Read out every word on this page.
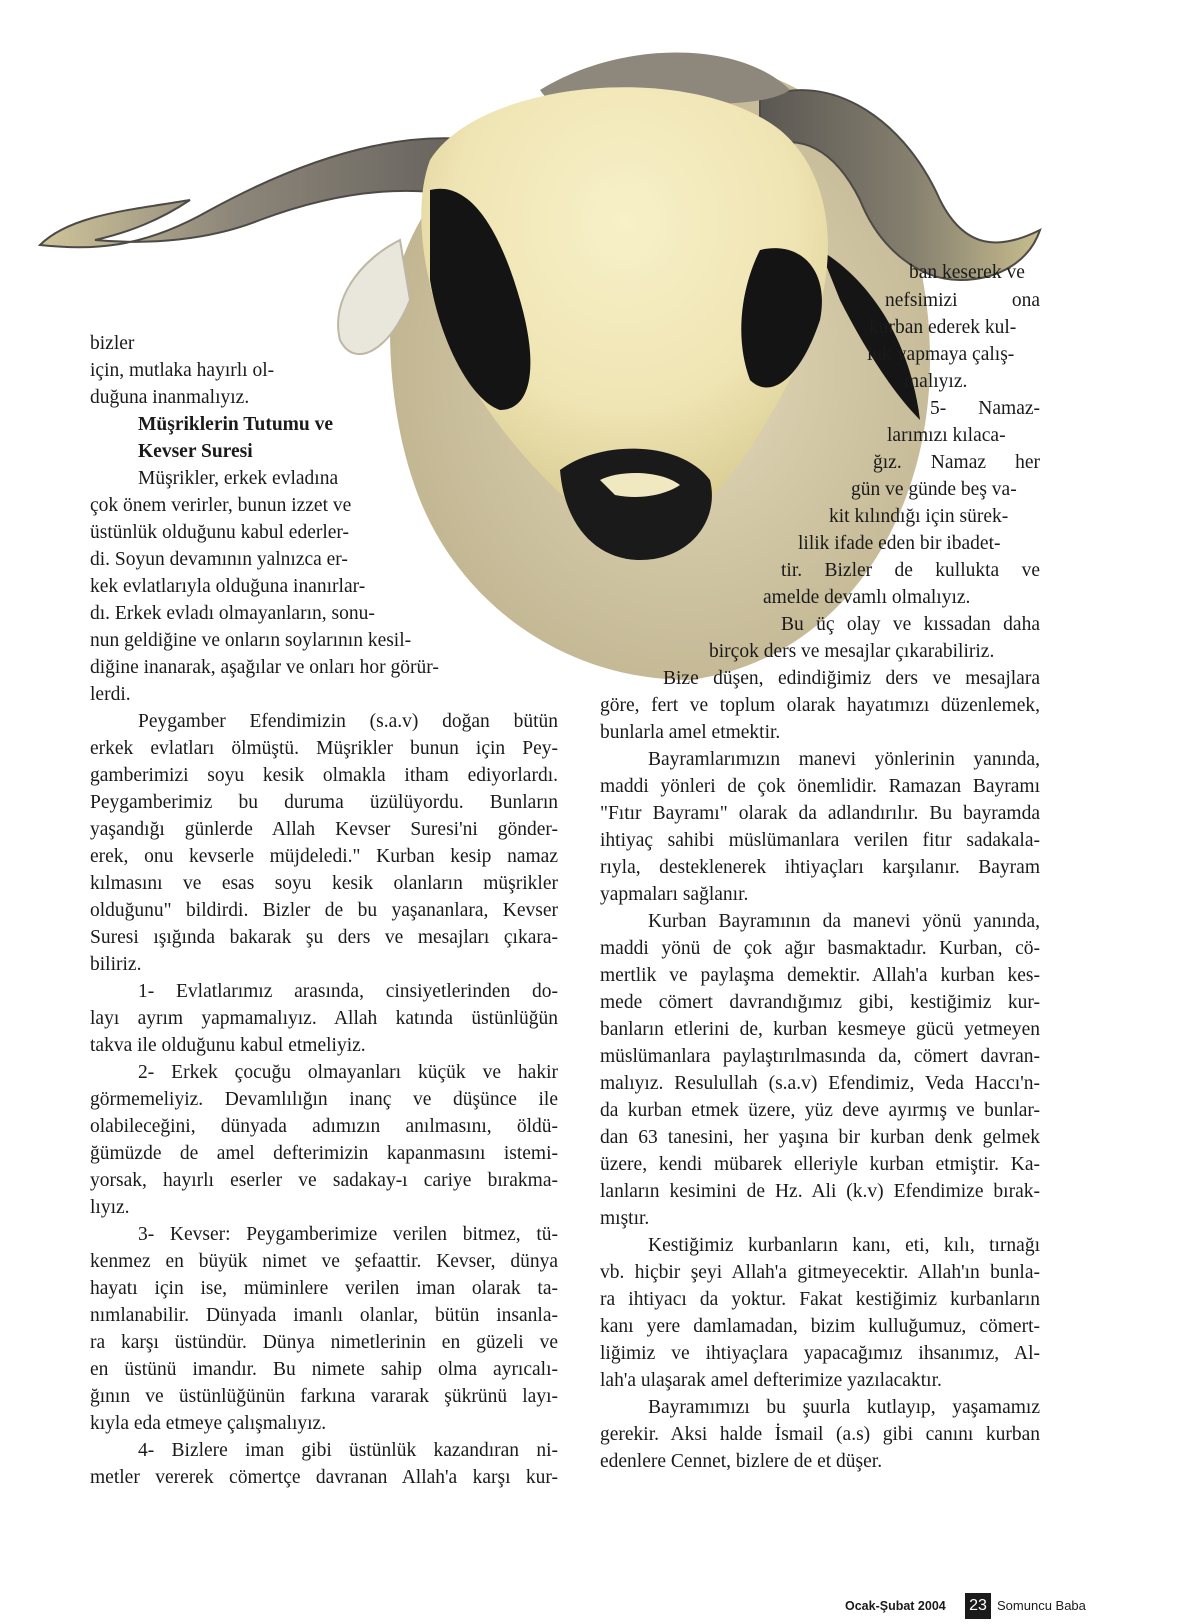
ban keserek ve
nefsimizi ona
kurban ederek kul-
luk yapmaya çalış-
malıyız.
5- Namaz-
larımızı kılaca-
ğız. Namaz her
gün ve günde beş va-
kit kılındığı için sürek-
lilik ifade eden bir ibadet-
tir. Bizler de kullukta ve
amelde devamlı olmalıyız.
Bu üç olay ve kıssadan daha
birçok ders ve mesajlar çıkarabiliriz.
Bize düşen, edindiğimiz ders ve mesajlara
bizler
için, mutlaka hayırlı ol-
duğuna inanmalıyız.
Müşriklerin Tutumu ve
Kevser Suresi
Müşrikler, erkek evladına
çok önem verirler, bunun izzet ve
üstünlük olduğunu kabul ederler-
di. Soyun devamının yalnızca er-
kek evlatlarıyla olduğuna inanırlar-
dı. Erkek evladı olmayanların, sonu-
nun geldiğine ve onların soylarının kesil-
diğine inanarak, aşağılar ve onları hor görür-
lerdi.
Peygamber Efendimizin (s.a.v) doğan bütün
erkek evlatları ölmüştü. Müşrikler bunun için Pey-
gamberimizi soyu kesik olmakla itham ediyorlardı.
Peygamberimiz bu duruma üzülüyordu. Bunların
yaşandığı günlerde Allah Kevser Suresi'ni gönder-
erek, onu kevserle müjdeledi." Kurban kesip namaz
kılmasını ve esas soyu kesik olanların müşrikler
olduğunu" bildirdi. Bizler de bu yaşananlara, Kevser
Suresi ışığında bakarak şu ders ve mesajları çıkara-
biliriz.
1- Evlatlarımız arasında, cinsiyetlerinden do-
layı ayrım yapmamalıyız. Allah katında üstünlüğün
takva ile olduğunu kabul etmeliyiz.
2- Erkek çocuğu olmayanları küçük ve hakir
görmemeliyiz. Devamlılığın inanç ve düşünce ile
olabileceğini, dünyada adımızın anılmasını, öldü-
ğümüzde de amel defterimizin kapanmasını istemi-
yorsak, hayırlı eserler ve sadakay-ı cariye bırakma-
lıyız.
3- Kevser: Peygamberimize verilen bitmez, tü-
kenmez en büyük nimet ve şefaattir. Kevser, dünya
hayatı için ise, müminlere verilen iman olarak ta-
nımlanabilir. Dünyada imanlı olanlar, bütün insanla-
ra karşı üstündür. Dünya nimetlerinin en güzeli ve
en üstünü imandır. Bu nimete sahip olma ayrıcalı-
ğının ve üstünlüğünün farkına vararak şükrünü layı-
kıyla eda etmeye çalışmalıyız.
4- Bizlere iman gibi üstünlük kazandıran ni-
metler vererek cömertçe davranan Allah'a karşı kur-
göre, fert ve toplum olarak hayatımızı düzenlemek,
bunlarla amel etmektir.
Bayramlarımızın manevi yönlerinin yanında,
maddi yönleri de çok önemlidir. Ramazan Bayramı
"Fıtır Bayramı" olarak da adlandırılır. Bu bayramda
ihtiyaç sahibi müslümanlara verilen fitır sadakala-
rıyla, desteklenerek ihtiyaçları karşılanır. Bayram
yapmaları sağlanır.
Kurban Bayramının da manevi yönü yanında,
maddi yönü de çok ağır basmaktadır. Kurban, cö-
mertlik ve paylaşma demektir. Allah'a kurban kes-
mede cömert davrandığımız gibi, kestiğimiz kur-
banların etlerini de, kurban kesmeye gücü yetmeyen
müslümanlara paylaştırılmasında da, cömert davran-
malıyız. Resulullah (s.a.v) Efendimiz, Veda Haccı'n-
da kurban etmek üzere, yüz deve ayırmış ve bunlar-
dan 63 tanesini, her yaşına bir kurban denk gelmek
üzere, kendi mübarek elleriyle kurban etmiştir. Ka-
lanların kesimini de Hz. Ali (k.v) Efendimize bırak-
mıştır.
Kestiğimiz kurbanların kanı, eti, kılı, tırnağı
vb. hiçbir şeyi Allah'a gitmeyecektir. Allah'ın bunla-
ra ihtiyacı da yoktur. Fakat kestiğimiz kurbanların
kanı yere damlamadan, bizim kulluğumuz, cömert-
liğimiz ve ihtiyaçlara yapacağımız ihsanımız, Al-
lah'a ulaşarak amel defterimize yazılacaktır.
Bayramımızı bu şuurla kutlayıp, yaşamamız
gerekir. Aksi halde İsmail (a.s) gibi canını kurban
edenlere Cennet, bizlere de et düşer.
Ocak-Şubat 2004 23 Somuncu Baba
